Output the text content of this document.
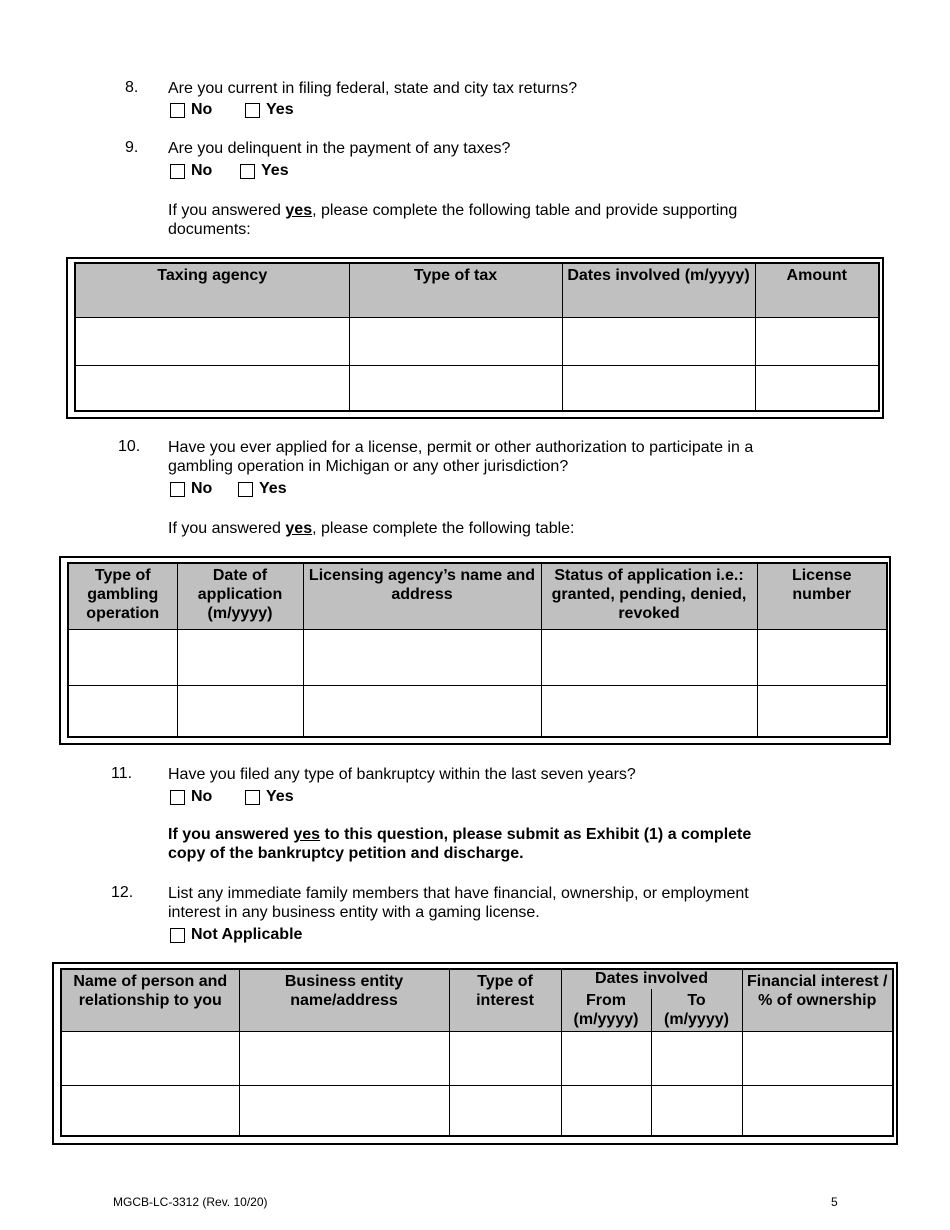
8. Are you current in filing federal, state and city tax returns?
No	Yes
9. Are you delinquent in the payment of any taxes?
No	Yes
If you answered yes, please complete the following table and provide supporting
documents:
Taxing agency	Type of tax	Dates involved (m/yyyy)	Amount

10. Have you ever applied for a license, permit or other authorization to participate in a
gambling operation in Michigan or any other jurisdiction?
No	Yes
If you answered yes, please complete the following table:
Type of gambling operation	Date of application (m/yyyy)	Licensing agency’s name and address	Status of application i.e.: granted, pending, denied, revoked	License number

11. Have you filed any type of bankruptcy within the last seven years?
No	Yes
If you answered yes to this question, please submit as Exhibit (1) a complete
copy of the bankruptcy petition and discharge.
12. List any immediate family members that have financial, ownership, or employment
interest in any business entity with a gaming license.
Not Applicable
Name of person and relationship to you	Business entity name/address	Type of interest	Dates involved		Financial interest / % of ownership
			From (m/yyyy)	To (m/yyyy)	

MGCB-LC-3312 (Rev. 10/20)	5
